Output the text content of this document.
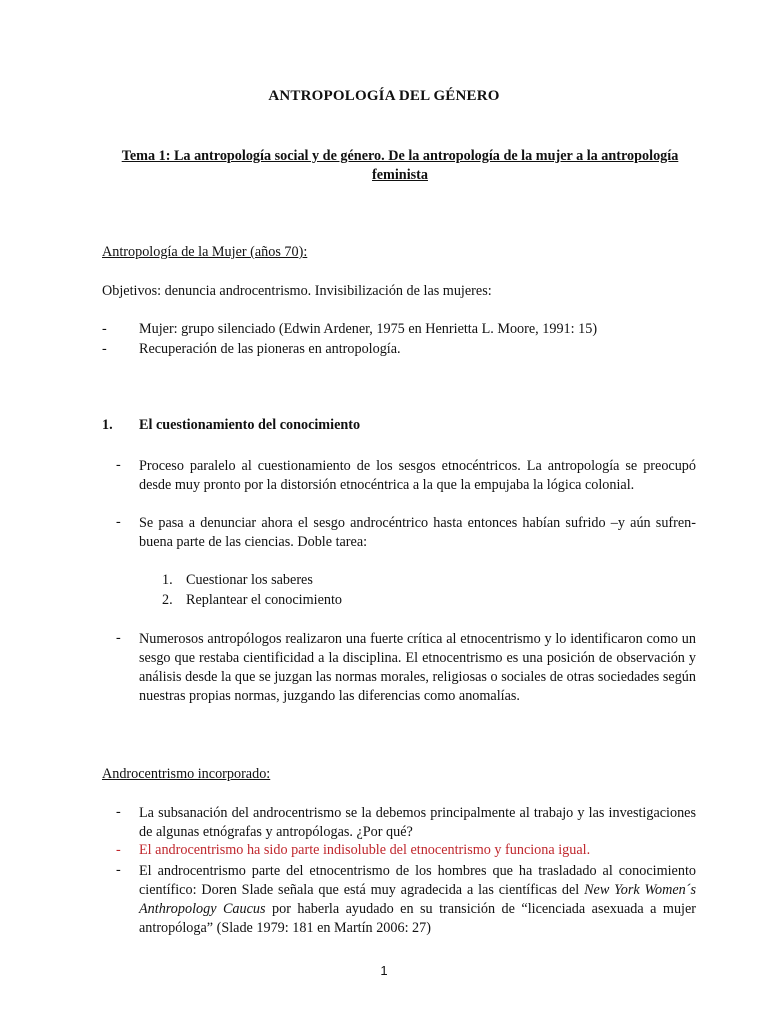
ANTROPOLOGÍA DEL GÉNERO
Tema 1: La antropología social y de género. De la antropología de la mujer a la antropología feminista
Antropología de la Mujer (años 70):
Objetivos: denuncia androcentrismo. Invisibilización de las mujeres:
-	Mujer: grupo silenciado (Edwin Ardener, 1975 en Henrietta L. Moore, 1991: 15)
-	Recuperación de las pioneras en antropología.
1. El cuestionamiento del conocimiento
-	Proceso paralelo al cuestionamiento de los sesgos etnocéntricos. La antropología se preocupó desde muy pronto por la distorsión etnocéntrica a la que la empujaba la lógica colonial.
-	Se pasa a denunciar ahora el sesgo androcéntrico hasta entonces habían sufrido –y aún sufren- buena parte de las ciencias. Doble tarea:
1. Cuestionar los saberes
2. Replantear el conocimiento
-	Numerosos antropólogos realizaron una fuerte crítica al etnocentrismo y lo identificaron como un sesgo que restaba cientificidad a la disciplina. El etnocentrismo es una posición de observación y análisis desde la que se juzgan las normas morales, religiosas o sociales de otras sociedades según nuestras propias normas, juzgando las diferencias como anomalías.
Androcentrismo incorporado:
-	La subsanación del androcentrismo se la debemos principalmente al trabajo y las investigaciones de algunas etnógrafas y antropólogas. ¿Por qué?
-	El androcentrismo ha sido parte indisoluble del etnocentrismo y funciona igual.
-	El androcentrismo parte del etnocentrismo de los hombres que ha trasladado al conocimiento científico: Doren Slade señala que está muy agradecida a las científicas del New York Women´s Anthropology Caucus por haberla ayudado en su transición de “licenciada asexuada a mujer antropóloga” (Slade 1979: 181 en Martín 2006: 27)
1
